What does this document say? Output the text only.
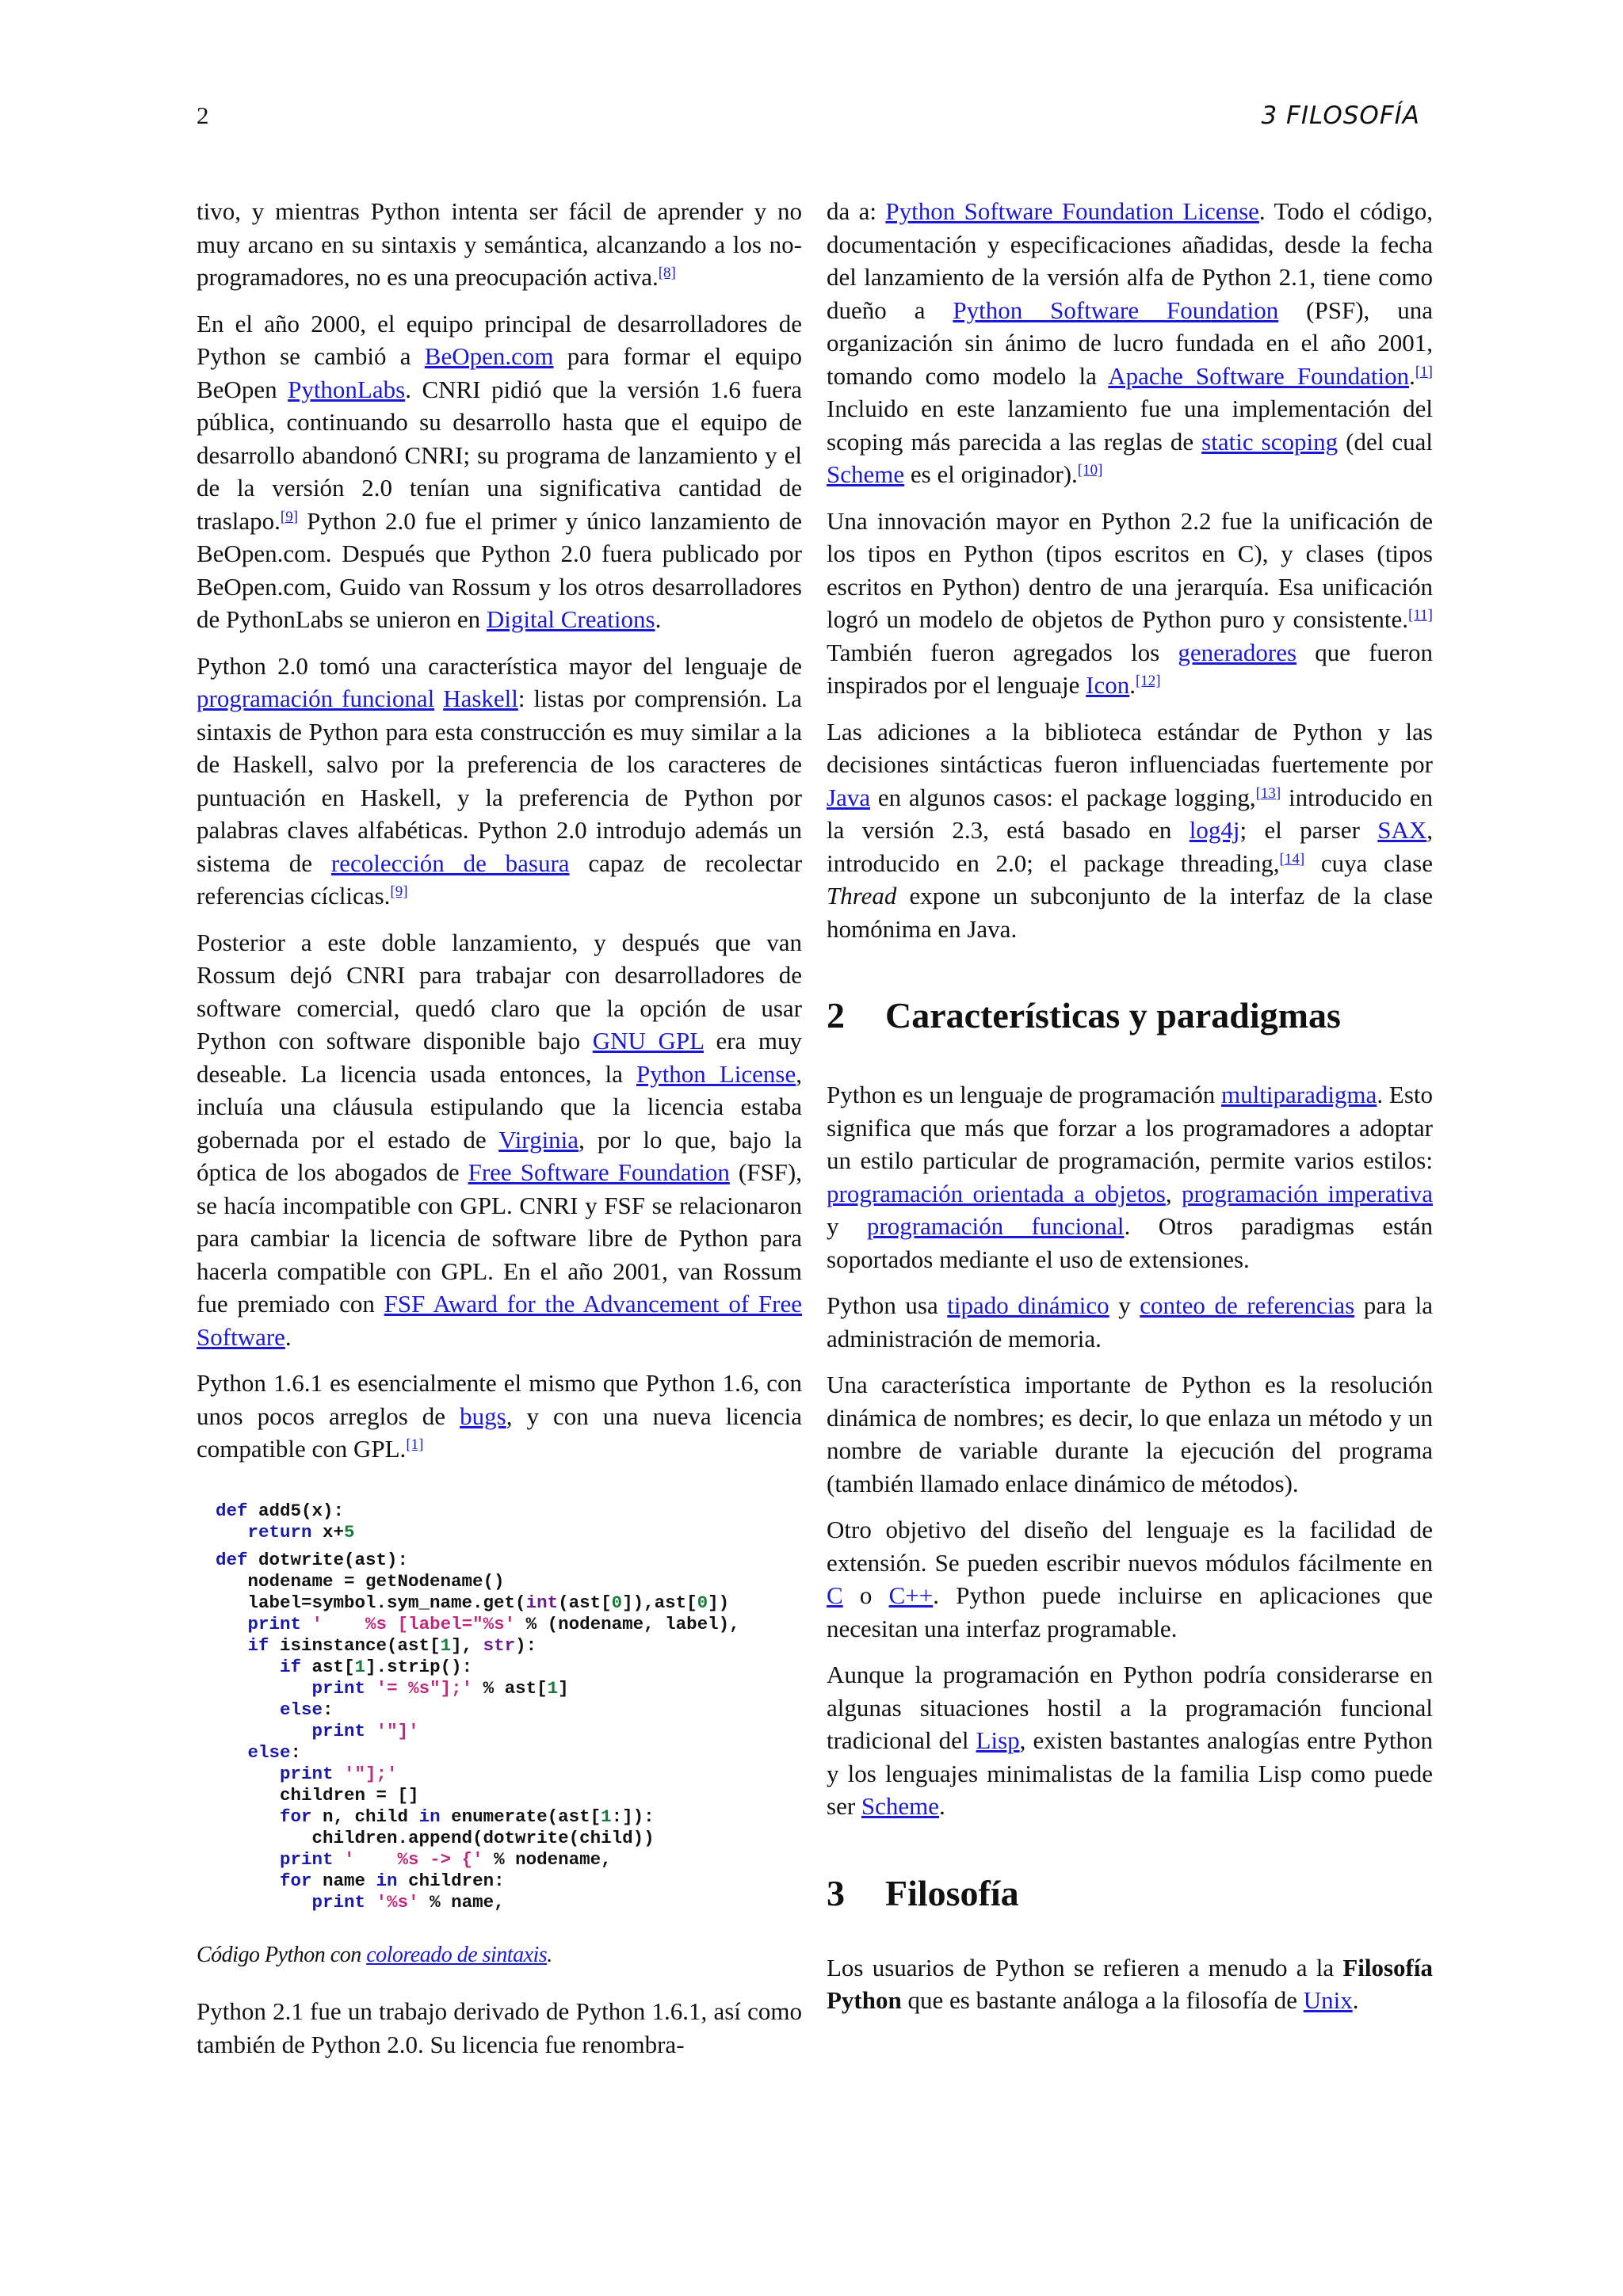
2	3 FILOSOFÍA

tivo, y mientras Python intenta ser fácil de aprender y no muy arcano en su sintaxis y semántica, alcanzando a los no-programadores, no es una preocupación activa.[8]

En el año 2000, el equipo principal de desarrolladores de Python se cambió a BeOpen.com para formar el equipo BeOpen PythonLabs. CNRI pidió que la versión 1.6 fuera pública, continuando su desarrollo hasta que el equipo de desarrollo abandonó CNRI; su programa de lanzamiento y el de la versión 2.0 tenían una significativa cantidad de traslapo.[9] Python 2.0 fue el primer y único lanzamiento de BeOpen.com. Después que Python 2.0 fuera publicado por BeOpen.com, Guido van Rossum y los otros desarrolladores de PythonLabs se unieron en Digital Creations.

Python 2.0 tomó una característica mayor del lenguaje de programación funcional Haskell: listas por comprensión. La sintaxis de Python para esta construcción es muy similar a la de Haskell, salvo por la preferencia de los caracteres de puntuación en Haskell, y la preferencia de Python por palabras claves alfabéticas. Python 2.0 introdujo además un sistema de recolección de basura capaz de recolectar referencias cíclicas.[9]

Posterior a este doble lanzamiento, y después que van Rossum dejó CNRI para trabajar con desarrolladores de software comercial, quedó claro que la opción de usar Python con software disponible bajo GNU GPL era muy deseable. La licencia usada entonces, la Python License, incluía una cláusula estipulando que la licencia estaba gobernada por el estado de Virginia, por lo que, bajo la óptica de los abogados de Free Software Foundation (FSF), se hacía incompatible con GPL. CNRI y FSF se relacionaron para cambiar la licencia de software libre de Python para hacerla compatible con GPL. En el año 2001, van Rossum fue premiado con FSF Award for the Advancement of Free Software.

Python 1.6.1 es esencialmente el mismo que Python 1.6, con unos pocos arreglos de bugs, y con una nueva licencia compatible con GPL.[1]

def add5(x):
return x+5

def dotwrite(ast):
nodename = getNodename()
label=symbol.sym_name.get(int(ast[0]),ast[0])
print '    %s [label="%s' % (nodename, label),
if isinstance(ast[1], str):
if ast[1].strip():
print '= %s"];' % ast[1]
else:
print '"]'
else:
print '"];'
children = []
for n, child in enumerate(ast[1:]):
children.append(dotwrite(child))
print '    %s -> {' % nodename,
for name in children:
print '%s' % name,
Código Python con coloreado de sintaxis.

Python 2.1 fue un trabajo derivado de Python 1.6.1, así como también de Python 2.0. Su licencia fue renombra-

da a: Python Software Foundation License. Todo el código, documentación y especificaciones añadidas, desde la fecha del lanzamiento de la versión alfa de Python 2.1, tiene como dueño a Python Software Foundation (PSF), una organización sin ánimo de lucro fundada en el año 2001, tomando como modelo la Apache Software Foundation.[1] Incluido en este lanzamiento fue una implementación del scoping más parecida a las reglas de static scoping (del cual Scheme es el originador).[10]

Una innovación mayor en Python 2.2 fue la unificación de los tipos en Python (tipos escritos en C), y clases (tipos escritos en Python) dentro de una jerarquía. Esa unificación logró un modelo de objetos de Python puro y consistente.[11] También fueron agregados los generadores que fueron inspirados por el lenguaje Icon.[12]

Las adiciones a la biblioteca estándar de Python y las decisiones sintácticas fueron influenciadas fuertemente por Java en algunos casos: el package logging,[13] introducido en la versión 2.3, está basado en log4j; el parser SAX, introducido en 2.0; el package threading,[14] cuya clase Thread expone un subconjunto de la interfaz de la clase homónima en Java.

2 Características y paradigmas

Python es un lenguaje de programación multiparadigma. Esto significa que más que forzar a los programadores a adoptar un estilo particular de programación, permite varios estilos: programación orientada a objetos, programación imperativa y programación funcional. Otros paradigmas están soportados mediante el uso de extensiones.

Python usa tipado dinámico y conteo de referencias para la administración de memoria.

Una característica importante de Python es la resolución dinámica de nombres; es decir, lo que enlaza un método y un nombre de variable durante la ejecución del programa (también llamado enlace dinámico de métodos).

Otro objetivo del diseño del lenguaje es la facilidad de extensión. Se pueden escribir nuevos módulos fácilmente en C o C++. Python puede incluirse en aplicaciones que necesitan una interfaz programable.

Aunque la programación en Python podría considerarse en algunas situaciones hostil a la programación funcional tradicional del Lisp, existen bastantes analogías entre Python y los lenguajes minimalistas de la familia Lisp como puede ser Scheme.

3 Filosofía

Los usuarios de Python se refieren a menudo a la Filosofía Python que es bastante análoga a la filosofía de Unix.
